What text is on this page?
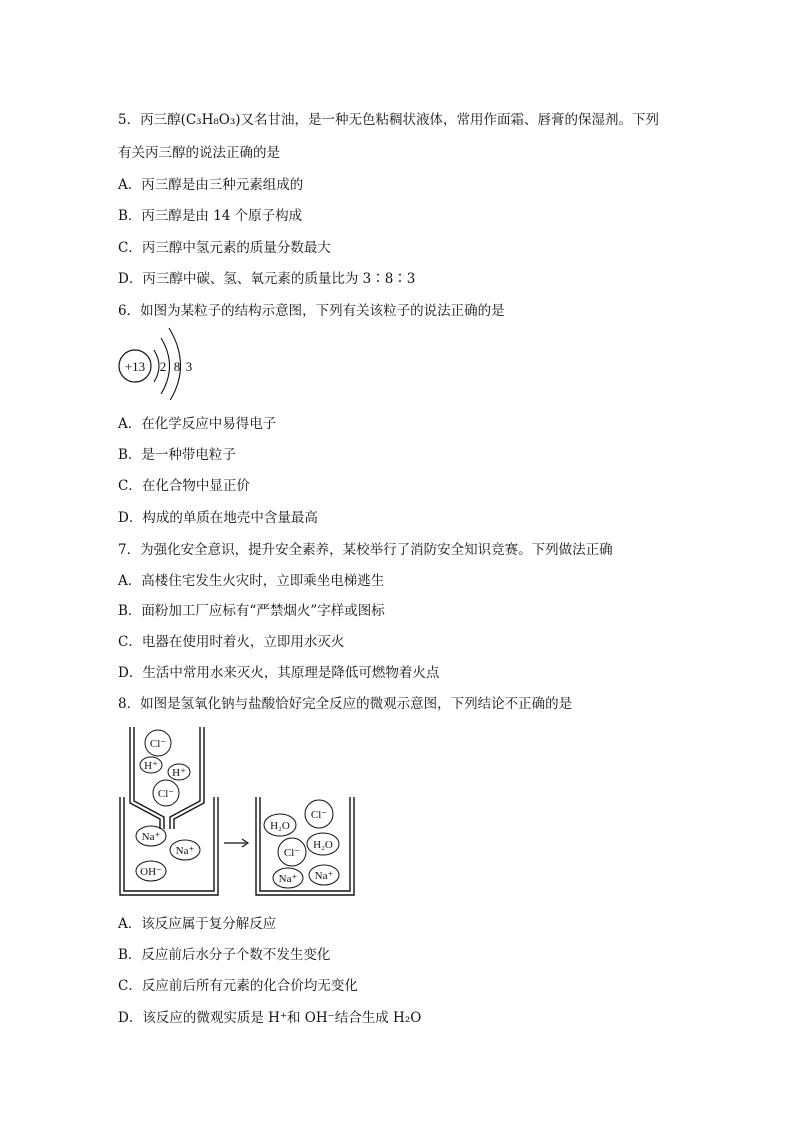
5．丙三醇(C₃H₈O₃)又名甘油，是一种无色粘稠状液体，常用作面霜、唇膏的保湿剂。下列
有关丙三醇的说法正确的是
A．丙三醇是由三种元素组成的
B．丙三醇是由 14 个原子构成
C．丙三醇中氢元素的质量分数最大
D．丙三醇中碳、氢、氧元素的质量比为 3∶8∶3
6．如图为某粒子的结构示意图，下列有关该粒子的说法正确的是
+13 2 8 3
A．在化学反应中易得电子
B．是一种带电粒子
C．在化合物中显正价
D．构成的单质在地壳中含量最高
7．为强化安全意识，提升安全素养，某校举行了消防安全知识竞赛。下列做法正确
A．高楼住宅发生火灾时，立即乘坐电梯逃生
B．面粉加工厂应标有“严禁烟火”字样或图标
C．电器在使用时着火，立即用水灭火
D．生活中常用水来灭火，其原理是降低可燃物着火点
8．如图是氢氧化钠与盐酸恰好完全反应的微观示意图，下列结论不正确的是
Cl⁻
H⁺
H⁺
Cl⁻
Na⁺
Na⁺
OH⁻
H₂O
Cl⁻
Cl⁻
H₂O
Na⁺ Na⁺
A．该反应属于复分解反应
B．反应前后水分子个数不发生变化
C．反应前后所有元素的化合价均无变化
D．该反应的微观实质是 H⁺和 OH⁻结合生成 H₂O
